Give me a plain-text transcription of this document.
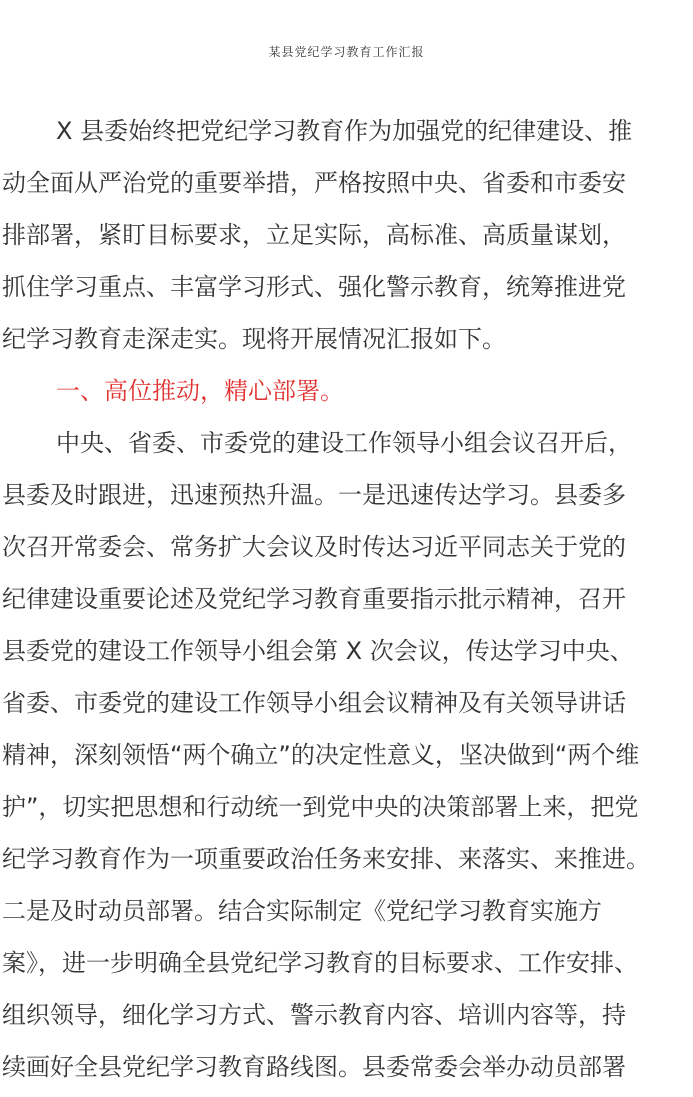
某县党纪学习教育工作汇报
X 县委始终把党纪学习教育作为加强党的纪律建设、推
动全面从严治党的重要举措，严格按照中央、省委和市委安
排部署，紧盯目标要求，立足实际，高标准、高质量谋划，
抓住学习重点、丰富学习形式、强化警示教育，统筹推进党
纪学习教育走深走实。现将开展情况汇报如下。
一、高位推动，精心部署。
中央、省委、市委党的建设工作领导小组会议召开后，
县委及时跟进，迅速预热升温。一是迅速传达学习。县委多
次召开常委会、常务扩大会议及时传达习近平同志关于党的
纪律建设重要论述及党纪学习教育重要指示批示精神，召开
县委党的建设工作领导小组会第 X 次会议，传达学习中央、
省委、市委党的建设工作领导小组会议精神及有关领导讲话
精神，深刻领悟“两个确立”的决定性意义，坚决做到“两个维
护”，切实把思想和行动统一到党中央的决策部署上来，把党
纪学习教育作为一项重要政治任务来安排、来落实、来推进。
二是及时动员部署。结合实际制定《党纪学习教育实施方
案》，进一步明确全县党纪学习教育的目标要求、工作安排、
组织领导，细化学习方式、警示教育内容、培训内容等，持
续画好全县党纪学习教育路线图。县委常委会举办动员部署
